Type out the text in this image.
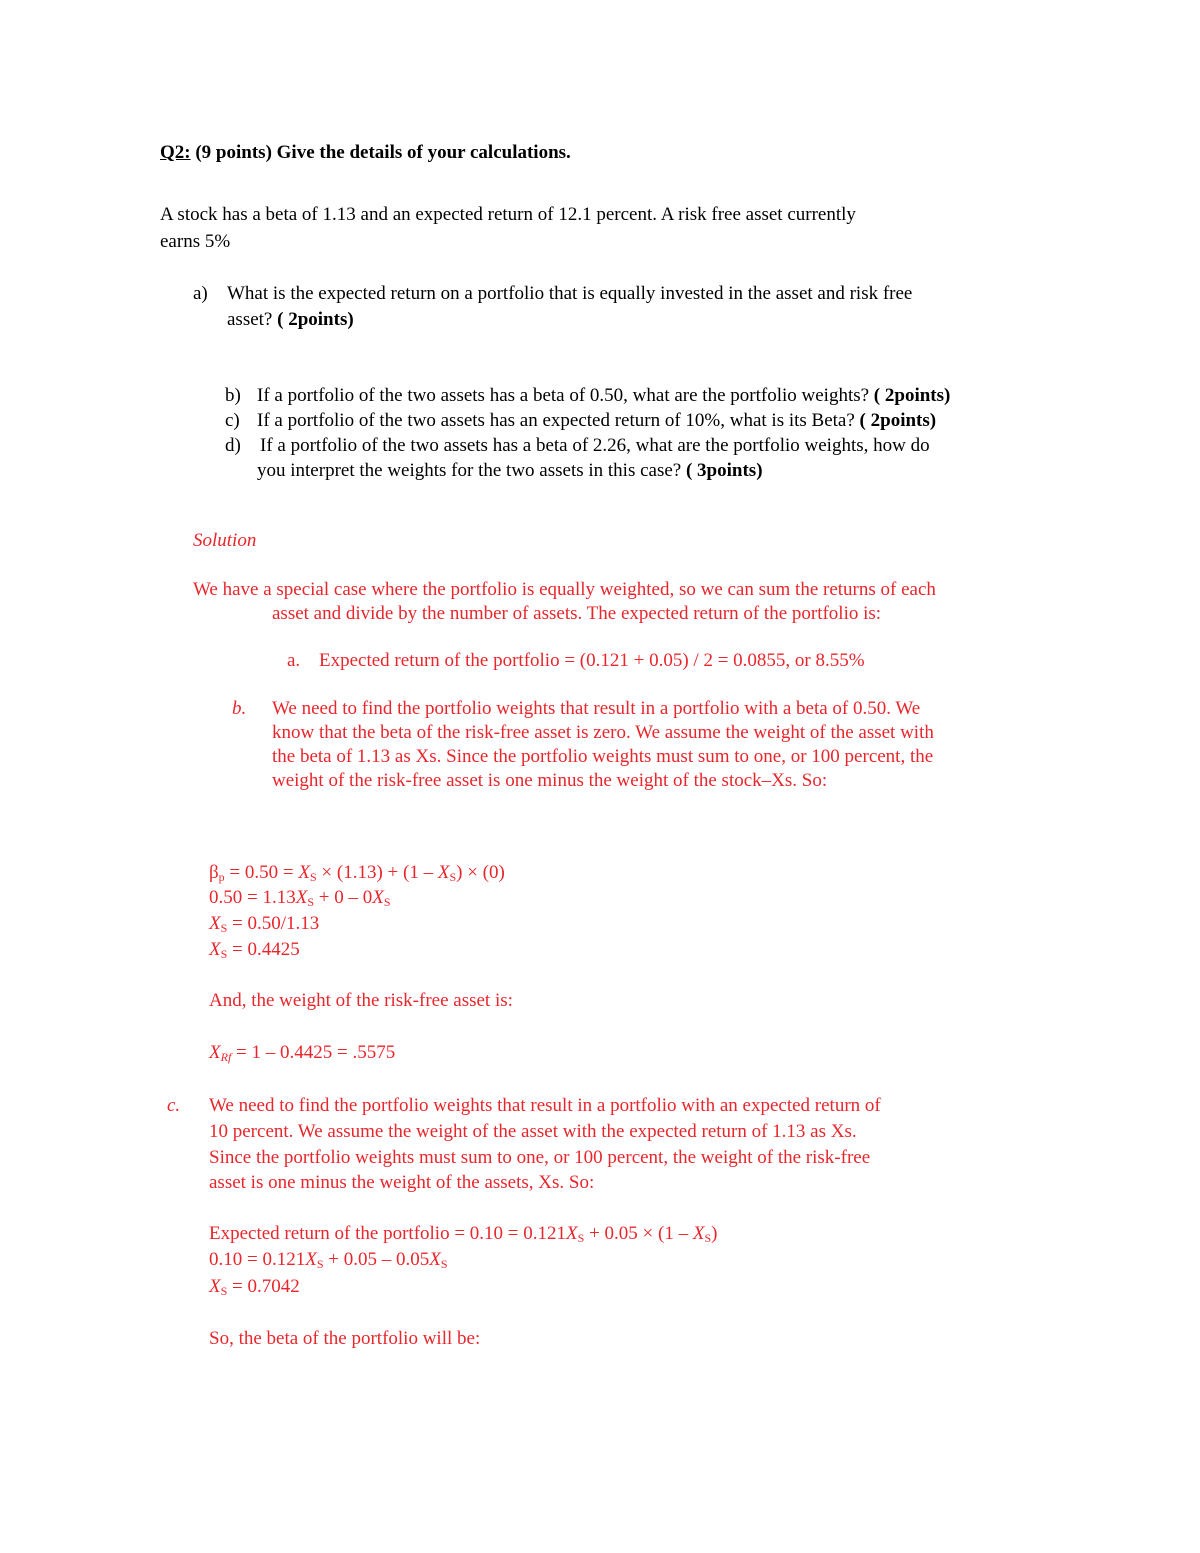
Q2: (9 points) Give the details of your calculations.
A stock has a beta of 1.13 and an expected return of 12.1 percent. A risk free asset currently
earns 5%
a) What is the expected return on a portfolio that is equally invested in the asset and risk free
asset? ( 2points)
b) If a portfolio of the two assets has a beta of 0.50, what are the portfolio weights? ( 2points)
c) If a portfolio of the two assets has an expected return of 10%, what is its Beta? ( 2points)
d) If a portfolio of the two assets has a beta of 2.26, what are the portfolio weights, how do
you interpret the weights for the two assets in this case? ( 3points)
Solution
We have a special case where the portfolio is equally weighted, so we can sum the returns of each
asset and divide by the number of assets. The expected return of the portfolio is:
a. Expected return of the portfolio = (0.121 + 0.05) / 2 = 0.0855, or 8.55%
b. We need to find the portfolio weights that result in a portfolio with a beta of 0.50. We
know that the beta of the risk-free asset is zero. We assume the weight of the asset with
the beta of 1.13 as Xs. Since the portfolio weights must sum to one, or 100 percent, the
weight of the risk-free asset is one minus the weight of the stock–Xs. So:
$\beta_p = 0.50 = X_S \times (1.13) + (1 - X_S) \times (0)$
$0.50 = 1.13X_S + 0 - 0X_S$
$X_S = 0.50/1.13$
$X_S = 0.4425$
And, the weight of the risk-free asset is:
$X_{Rf} = 1 - 0.4425 = .5575$
c. We need to find the portfolio weights that result in a portfolio with an expected return of
10 percent. We assume the weight of the asset with the expected return of 1.13 as Xs.
Since the portfolio weights must sum to one, or 100 percent, the weight of the risk-free
asset is one minus the weight of the assets, Xs. So:
Expected return of the portfolio = $0.10 = 0.121X_S + 0.05 \times (1 - X_S)$
$0.10 = 0.121X_S + 0.05 - 0.05X_S$
$X_S = 0.7042$
So, the beta of the portfolio will be:
